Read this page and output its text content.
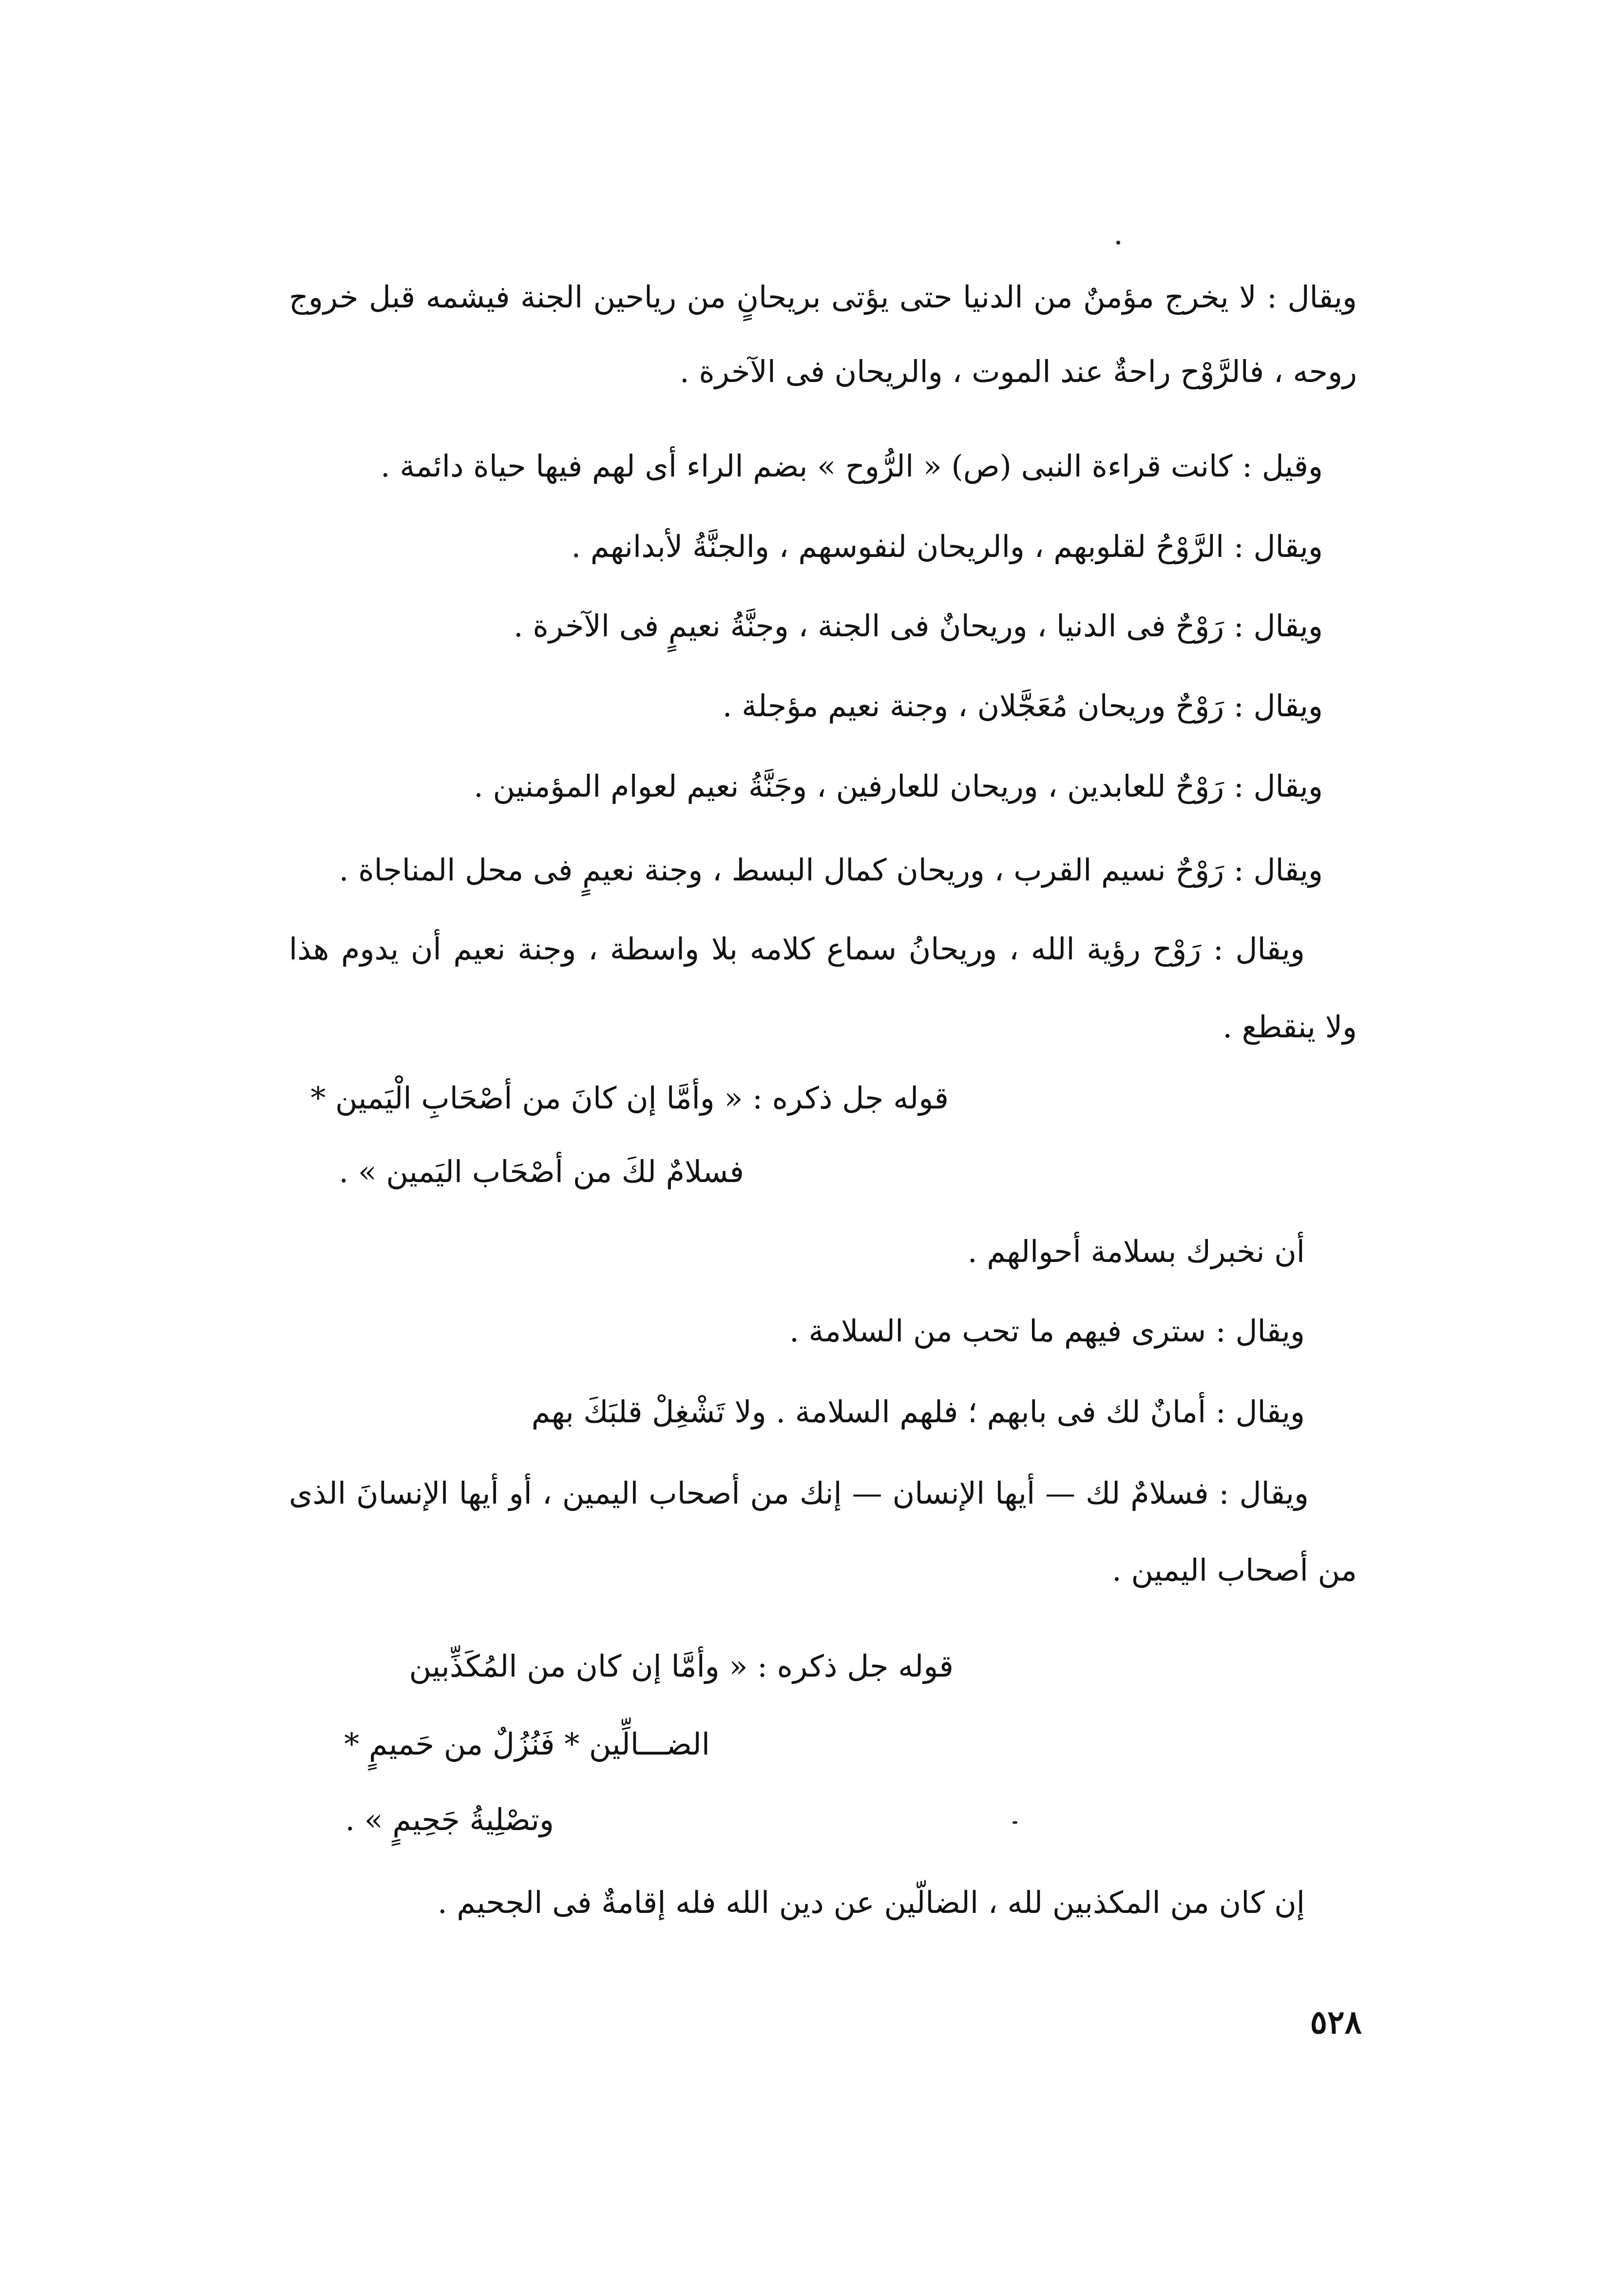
ويقال : لا يخرج مؤمنٌ من الدنيا حتى يؤتى بريحانٍ من رياحين الجنة فيشمه قبل خروج
روحه ، فالرَّوْح راحةٌ عند الموت ، والريحان فى الآخرة .
وقيل : كانت قراءة النبى (ص) « الرُّوح » بضم الراء أى لهم فيها حياة دائمة .
ويقال : الرَّوْحُ لقلوبهم ، والريحان لنفوسهم ، والجنَّةُ لأبدانهم .
ويقال : رَوْحٌ فى الدنيا ، وريحانٌ فى الجنة ، وجنَّةُ نعيمٍ فى الآخرة .
ويقال : رَوْحٌ وريحان مُعَجَّلان ، وجنة نعيم مؤجلة .
ويقال : رَوْحٌ للعابدين ، وريحان للعارفين ، وجَنَّةُ نعيم لعوام المؤمنين .
ويقال : رَوْحٌ نسيم القرب ، وريحان كمال البسط ، وجنة نعيمٍ فى محل المناجاة .
ويقال : رَوْح رؤية الله ، وريحانُ سماع كلامه بلا واسطة ، وجنة نعيم أن يدوم هذا
ولا ينقطع .
قوله جل ذكره : « وأمَّا إن كانَ من أصْحَابِ الْيَمين *
فسلامٌ لكَ من أصْحَاب اليَمين » .
أن نخبرك بسلامة أحوالهم .
ويقال : سترى فيهم ما تحب من السلامة .
ويقال : أمانٌ لك فى بابهم ؛ فلهم السلامة . ولا تَشْغِلْ قلبَكَ بهم
ويقال : فسلامٌ لك — أيها الإنسان — إنك من أصحاب اليمين ، أو أيها الإنسانَ الذى
من أصحاب اليمين .
قوله جل ذكره : « وأمَّا إن كان من المُكَذِّبين
الضـــالِّين * فَنُزُلٌ من حَميمٍ *
وتصْلِيةُ جَحِيمٍ » .
إن كان من المكذبين لله ، الضالّين عن دين الله فله إقامةٌ فى الجحيم .
٥٢٨
